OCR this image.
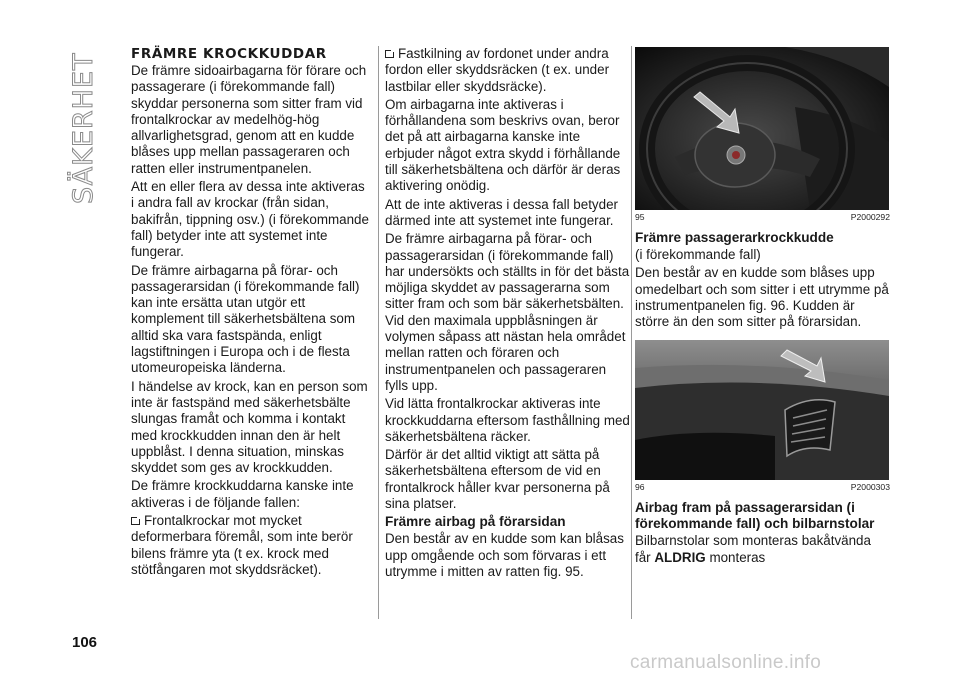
SÄKERHET
106
FRÄMRE KROCKKUDDAR

De främre sidoairbagarna för förare och passagerare (i förekommande fall) skyddar personerna som sitter fram vid frontalkrockar av medelhög-hög allvarlighetsgrad, genom att en kudde blåses upp mellan passageraren och ratten eller instrumentpanelen.

Att en eller flera av dessa inte aktiveras i andra fall av krockar (från sidan, bakifrån, tippning osv.) (i förekommande fall) betyder inte att systemet inte fungerar.

De främre airbagarna på förar- och passagerarsidan (i förekommande fall) kan inte ersätta utan utgör ett komplement till säkerhetsbältena som alltid ska vara fastspända, enligt lagstiftningen i Europa och i de flesta utomeuropeiska länderna.

I händelse av krock, kan en person som inte är fastspänd med säkerhetsbälte slungas framåt och komma i kontakt med krockkudden innan den är helt uppblåst. I denna situation, minskas skyddet som ges av krockkudden.

De främre krockkuddarna kanske inte aktiveras i de följande fallen:

Frontalkrockar mot mycket deformerbara föremål, som inte berör bilens främre yta (t ex. krock med stötfångaren mot skyddsräcket).

Fastkilning av fordonet under andra fordon eller skyddsräcken (t ex. under lastbilar eller skyddsräcke).

Om airbagarna inte aktiveras i förhållandena som beskrivs ovan, beror det på att airbagarna kanske inte erbjuder något extra skydd i förhållande till säkerhetsbältena och därför är deras aktivering onödig.

Att de inte aktiveras i dessa fall betyder därmed inte att systemet inte fungerar.

De främre airbagarna på förar- och passagerarsidan (i förekommande fall) har undersökts och ställts in för det bästa möjliga skyddet av passagerarna som sitter fram och som bär säkerhetsbälten. Vid den maximala uppblåsningen är volymen såpass att nästan hela området mellan ratten och föraren och instrumentpanelen och passageraren fylls upp.

Vid lätta frontalkrockar aktiveras inte krockkuddarna eftersom fasthållning med säkerhetsbältena räcker.

Därför är det alltid viktigt att sätta på säkerhetsbältena eftersom de vid en frontalkrock håller kvar personerna på sina platser.

Främre airbag på förarsidan

Den består av en kudde som kan blåsas upp omgående och som förvaras i ett utrymme i mitten av ratten fig. 95.

95	P2000292
Främre passagerarkrockkudde

(i förekommande fall)

Den består av en kudde som blåses upp omedelbart och som sitter i ett utrymme på instrumentpanelen fig. 96. Kudden är större än den som sitter på förarsidan.

96	P2000303
Airbag fram på passagerarsidan (i förekommande fall) och bilbarnstolar

Bilbarnstolar som monteras bakåtvända får ALDRIG monteras

carmanualsonline.info
